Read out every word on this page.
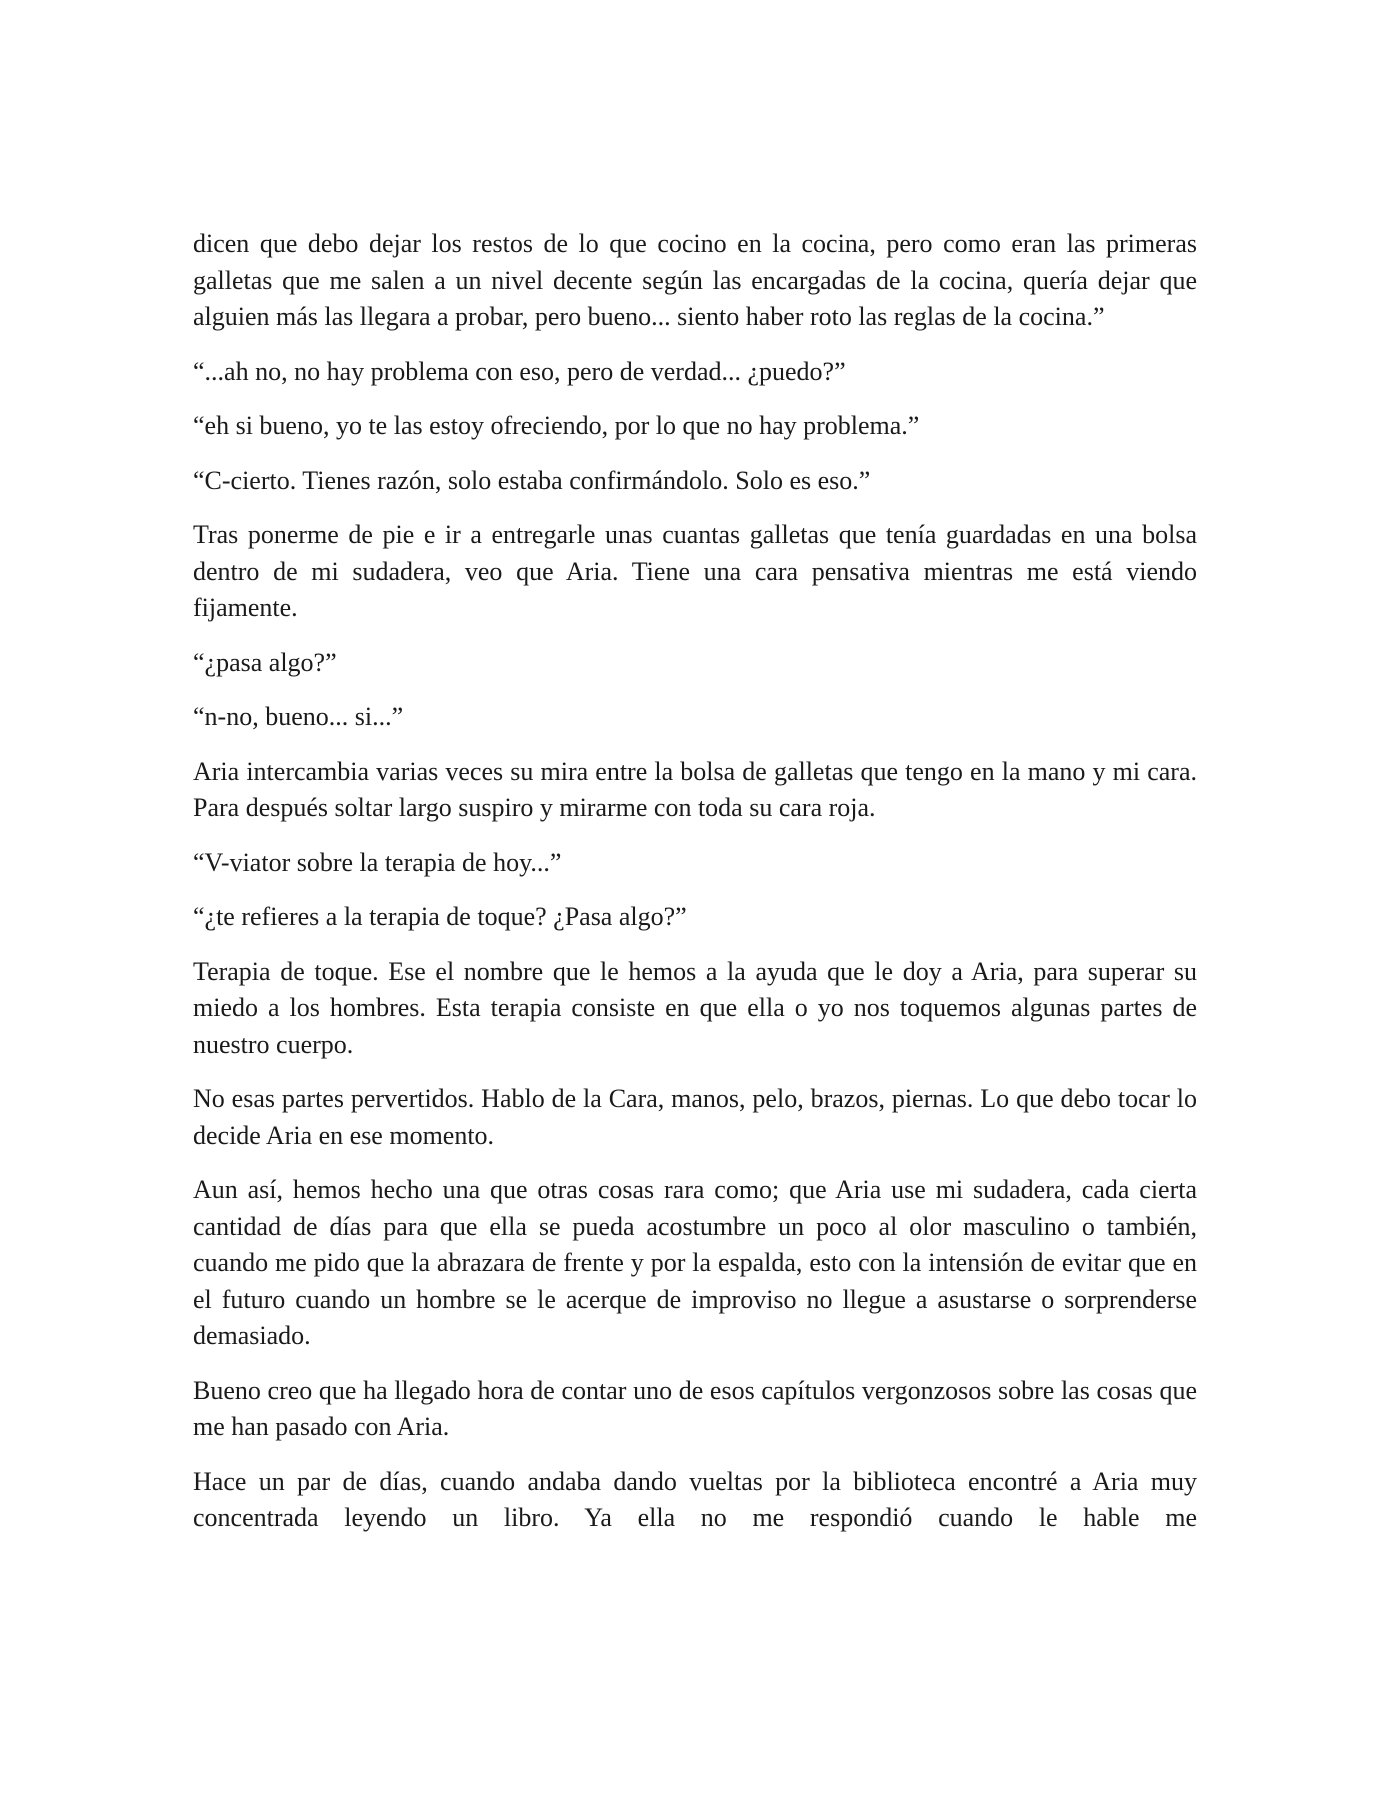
dicen que debo dejar los restos de lo que cocino en la cocina, pero como eran las primeras galletas que me salen a un nivel decente según las encargadas de la cocina, quería dejar que alguien más las llegara a probar, pero bueno... siento haber roto las reglas de la cocina.”

“...ah no, no hay problema con eso, pero de verdad... ¿puedo?”

“eh si bueno, yo te las estoy ofreciendo, por lo que no hay problema.”

“C-cierto. Tienes razón, solo estaba confirmándolo. Solo es eso.”

Tras ponerme de pie e ir a entregarle unas cuantas galletas que tenía guardadas en una bolsa dentro de mi sudadera, veo que Aria. Tiene una cara pensativa mientras me está viendo fijamente.

“¿pasa algo?”

“n-no, bueno... si...”

Aria intercambia varias veces su mira entre la bolsa de galletas que tengo en la mano y mi cara. Para después soltar largo suspiro y mirarme con toda su cara roja.

“V-viator sobre la terapia de hoy...”

“¿te refieres a la terapia de toque? ¿Pasa algo?”

Terapia de toque. Ese el nombre que le hemos a la ayuda que le doy a Aria, para superar su miedo a los hombres. Esta terapia consiste en que ella o yo nos toquemos algunas partes de nuestro cuerpo.

No esas partes pervertidos. Hablo de la Cara, manos, pelo, brazos, piernas. Lo que debo tocar lo decide Aria en ese momento.

Aun así, hemos hecho una que otras cosas rara como; que Aria use mi sudadera, cada cierta cantidad de días para que ella se pueda acostumbre un poco al olor masculino o también, cuando me pido que la abrazara de frente y por la espalda, esto con la intensión de evitar que en el futuro cuando un hombre se le acerque de improviso no llegue a asustarse o sorprenderse demasiado.

Bueno creo que ha llegado hora de contar uno de esos capítulos vergonzosos sobre las cosas que me han pasado con Aria.

Hace un par de días, cuando andaba dando vueltas por la biblioteca encontré a Aria muy concentrada leyendo un libro. Ya ella no me respondió cuando le hable me
